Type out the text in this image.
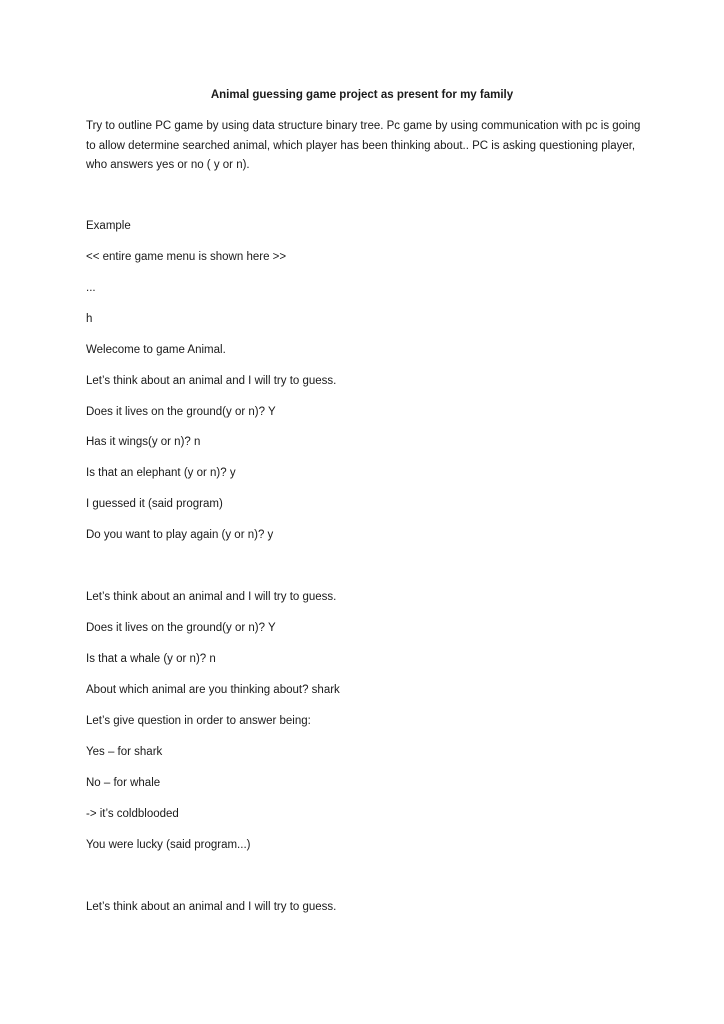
Animal guessing game project as present for my family

Try to outline PC game by using data structure binary tree. Pc game by using communication with pc is going to allow determine searched animal, which player has been thinking about.. PC is asking questioning player, who answers yes or no ( y or n).

Example

<< entire game menu is shown here >>

...

h

Welecome to game Animal.

Let’s think about an animal and I will try to guess.

Does it lives on the ground(y or n)? Y

Has it wings(y or n)? n

Is that an elephant (y or n)? y

I guessed it (said program)

Do you want to play again (y or n)? y

Let’s think about an animal and I will try to guess.

Does it lives on the ground(y or n)? Y

Is that a whale (y or n)? n

About which animal are you thinking about? shark

Let’s give question in order to answer being:

Yes – for shark

No – for whale

-> it’s coldblooded

You were lucky (said program...)

Let’s think about an animal and I will try to guess.
